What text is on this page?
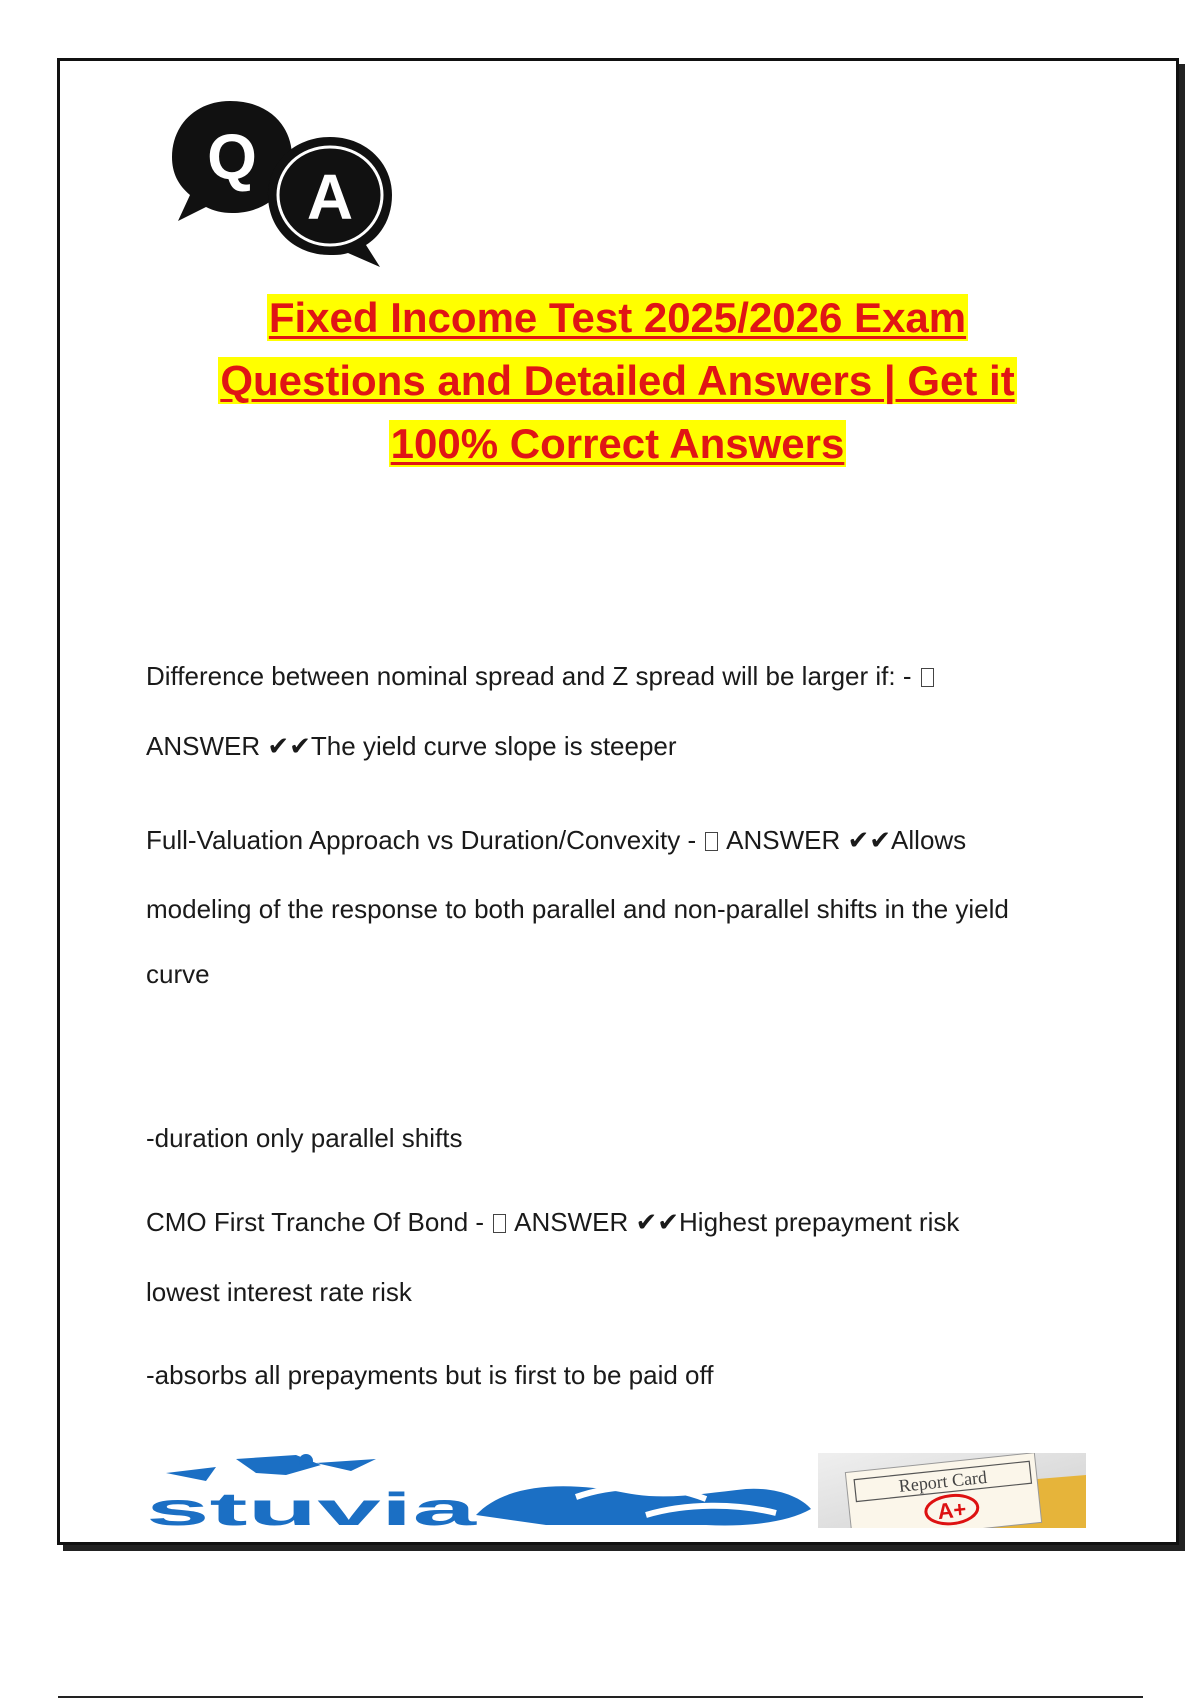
Q
A
Fixed Income Test 2025/2026 Exam
Questions and Detailed Answers | Get it
100% Correct Answers
Difference between nominal spread and Z spread will be larger if: -
ANSWER ✔✔The yield curve slope is steeper
Full-Valuation Approach vs Duration/Convexity -  ANSWER ✔✔Allows
modeling of the response to both parallel and non-parallel shifts in the yield
curve
-duration only parallel shifts
CMO First Tranche Of Bond -  ANSWER ✔✔Highest prepayment risk
lowest interest rate risk
-absorbs all prepayments but is first to be paid off
stuvia
Report Card
A+
